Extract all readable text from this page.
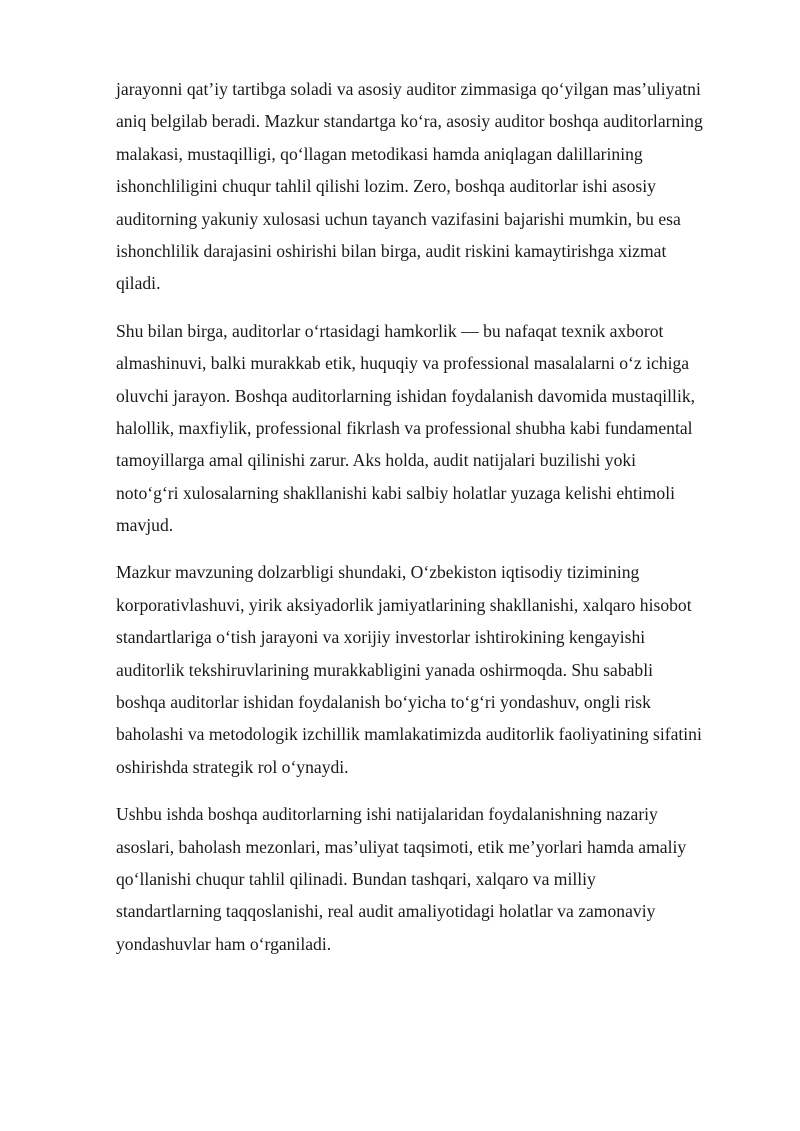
jarayonni qat’iy tartibga soladi va asosiy auditor zimmasiga qo‘yilgan mas’uliyatni

aniq belgilab beradi. Mazkur standartga ko‘ra, asosiy auditor boshqa auditorlarning

malakasi, mustaqilligi, qo‘llagan metodikasi hamda aniqlagan dalillarining

ishonchliligini chuqur tahlil qilishi lozim. Zero, boshqa auditorlar ishi asosiy

auditorning yakuniy xulosasi uchun tayanch vazifasini bajarishi mumkin, bu esa

ishonchlilik darajasini oshirishi bilan birga, audit riskini kamaytirishga xizmat

qiladi.

Shu bilan birga, auditorlar o‘rtasidagi hamkorlik — bu nafaqat texnik axborot

almashinuvi, balki murakkab etik, huquqiy va professional masalalarni o‘z ichiga

oluvchi jarayon. Boshqa auditorlarning ishidan foydalanish davomida mustaqillik,

halollik, maxfiylik, professional fikrlash va professional shubha kabi fundamental

tamoyillarga amal qilinishi zarur. Aks holda, audit natijalari buzilishi yoki

noto‘g‘ri xulosalarning shakllanishi kabi salbiy holatlar yuzaga kelishi ehtimoli

mavjud.

Mazkur mavzuning dolzarbligi shundaki, O‘zbekiston iqtisodiy tizimining

korporativlashuvi, yirik aksiyadorlik jamiyatlarining shakllanishi, xalqaro hisobot

standartlariga o‘tish jarayoni va xorijiy investorlar ishtirokining kengayishi

auditorlik tekshiruvlarining murakkabligini yanada oshirmoqda. Shu sababli

boshqa auditorlar ishidan foydalanish bo‘yicha to‘g‘ri yondashuv, ongli risk

baholashi va metodologik izchillik mamlakatimizda auditorlik faoliyatining sifatini

oshirishda strategik rol o‘ynaydi.

Ushbu ishda boshqa auditorlarning ishi natijalaridan foydalanishning nazariy

asoslari, baholash mezonlari, mas’uliyat taqsimoti, etik me’yorlari hamda amaliy

qo‘llanishi chuqur tahlil qilinadi. Bundan tashqari, xalqaro va milliy

standartlarning taqqoslanishi, real audit amaliyotidagi holatlar va zamonaviy

yondashuvlar ham o‘rganiladi.
